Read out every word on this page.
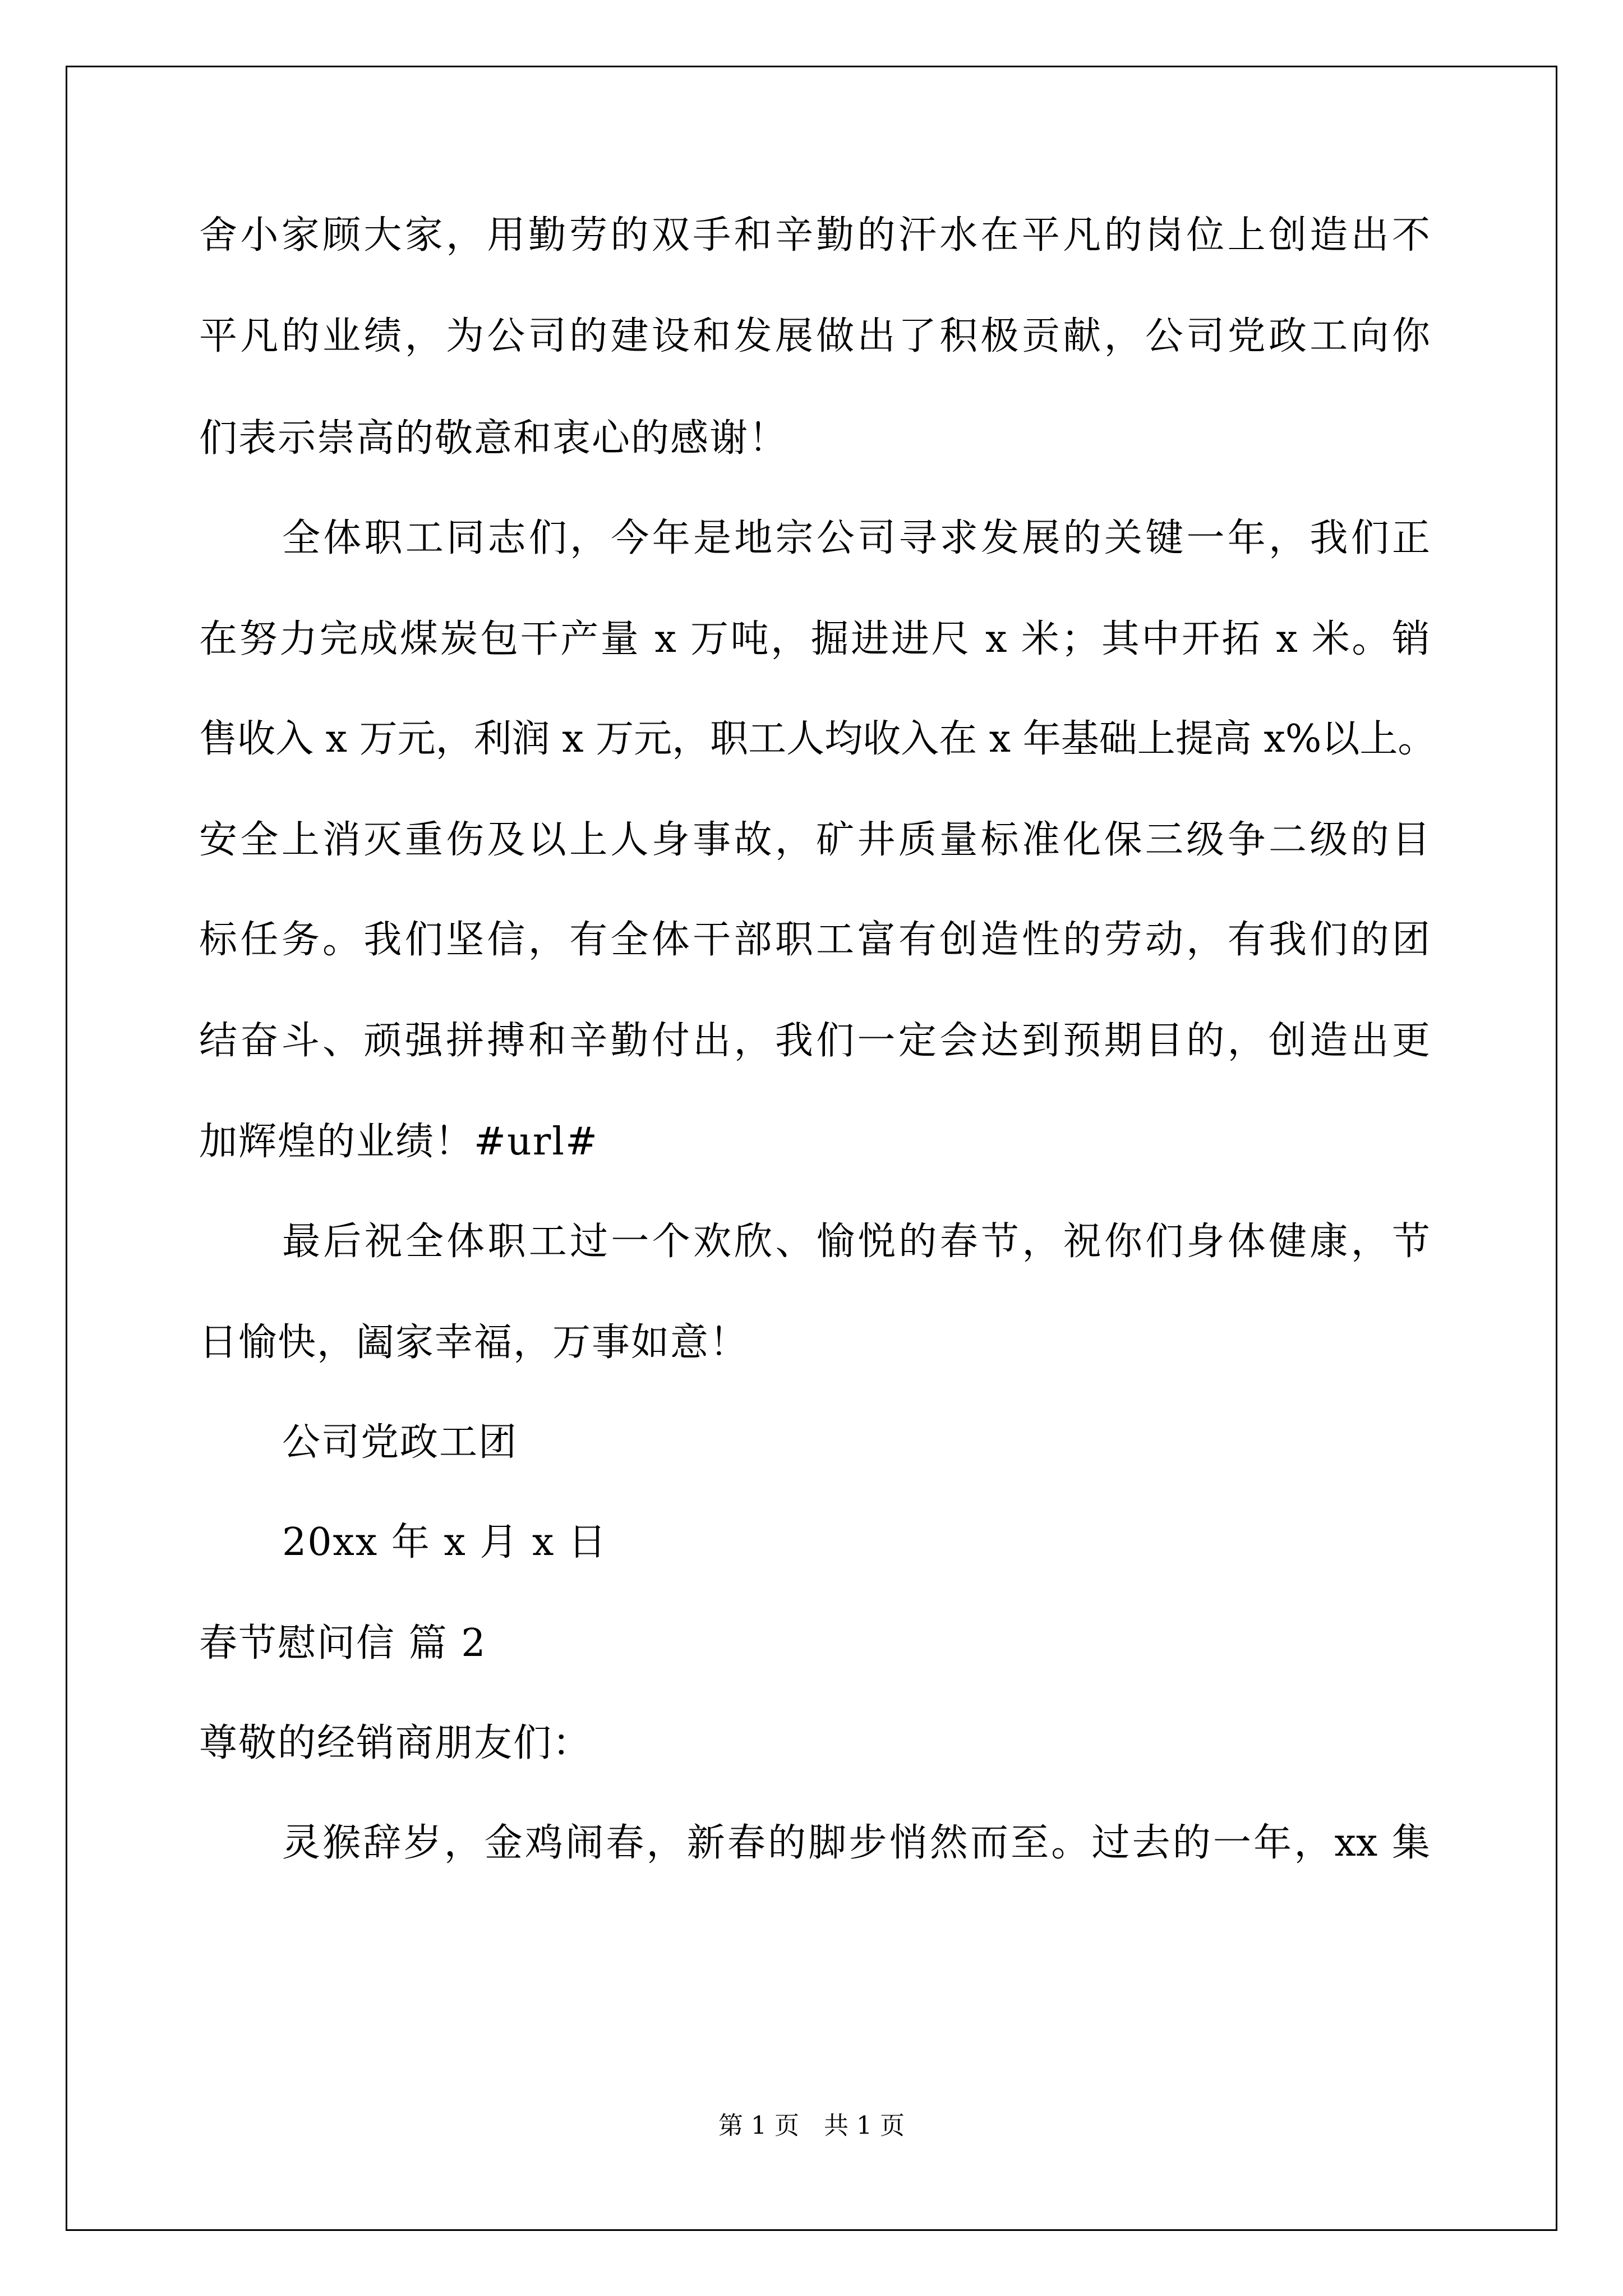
舍小家顾大家，用勤劳的双手和辛勤的汗水在平凡的岗位上创造出不
平凡的业绩，为公司的建设和发展做出了积极贡献，公司党政工向你
们表示崇高的敬意和衷心的感谢！
全体职工同志们，今年是地宗公司寻求发展的关键一年，我们正
在努力完成煤炭包干产量 x 万吨，掘进进尺 x 米；其中开拓 x 米。销
售收入 x 万元，利润 x 万元，职工人均收入在 x 年基础上提高 x%以上。
安全上消灭重伤及以上人身事故，矿井质量标准化保三级争二级的目
标任务。我们坚信，有全体干部职工富有创造性的劳动，有我们的团
结奋斗、顽强拼搏和辛勤付出，我们一定会达到预期目的，创造出更
加辉煌的业绩！#url#
最后祝全体职工过一个欢欣、愉悦的春节，祝你们身体健康，节
日愉快，阖家幸福，万事如意！
公司党政工团
20xx 年 x 月 x 日
春节慰问信 篇 2
尊敬的经销商朋友们：
灵猴辞岁，金鸡闹春，新春的脚步悄然而至。过去的一年，xx 集
第 1 页　共 1 页
